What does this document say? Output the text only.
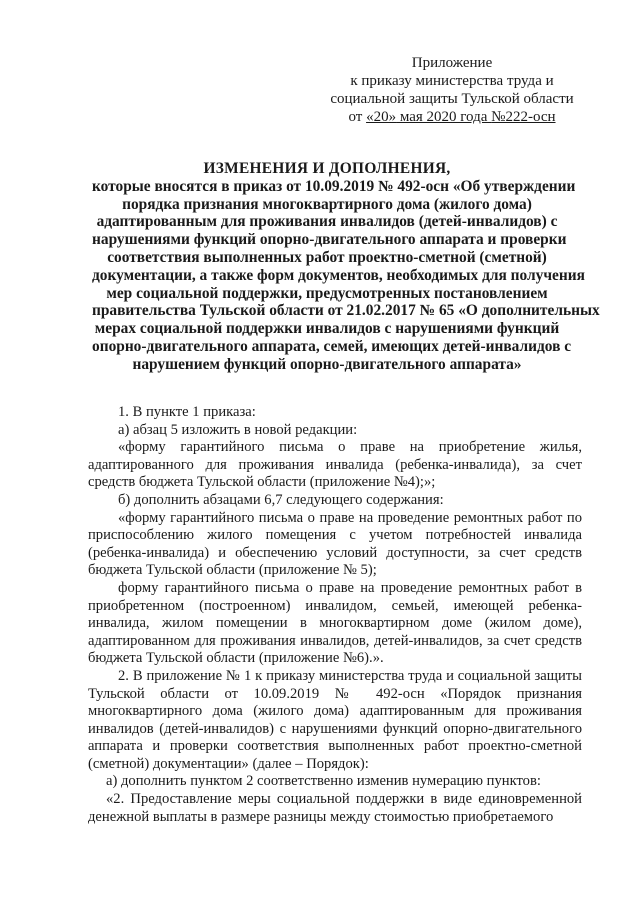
Приложение
к приказу министерства труда и
социальной защиты Тульской области
от «20» мая 2020 года №222-осн
ИЗМЕНЕНИЯ И ДОПОЛНЕНИЯ,
которые вносятся в приказ от 10.09.2019 № 492-осн «Об утверждении
порядка признания многоквартирного дома (жилого дома)
адаптированным для проживания инвалидов (детей-инвалидов) с
нарушениями функций опорно-двигательного аппарата и проверки
соответствия выполненных работ проектно-сметной (сметной)
документации, а также форм документов, необходимых для получения
мер социальной поддержки, предусмотренных постановлением
правительства Тульской области от 21.02.2017 № 65 «О дополнительных
мерах социальной поддержки инвалидов с нарушениями функций
опорно-двигательного аппарата, семей, имеющих детей-инвалидов с
нарушением функций опорно-двигательного аппарата»

1. В пункте 1 приказа:

а) абзац 5 изложить в новой редакции:

«форму гарантийного письма о праве на приобретение жилья, адаптированного для проживания инвалида (ребенка-инвалида), за счет средств бюджета Тульской области (приложение №4);»;

б) дополнить абзацами 6,7 следующего содержания:

«форму гарантийного письма о праве на проведение ремонтных работ по приспособлению жилого помещения с учетом потребностей инвалида (ребенка-инвалида) и обеспечению условий доступности, за счет средств бюджета Тульской области (приложение № 5);

форму гарантийного письма о праве на проведение ремонтных работ в приобретенном (построенном) инвалидом, семьей, имеющей ребенка-инвалида, жилом помещении в многоквартирном доме (жилом доме), адаптированном для проживания инвалидов, детей-инвалидов, за счет средств бюджета Тульской области (приложение №6).».

2. В приложение № 1 к приказу министерства труда и социальной защиты Тульской области от 10.09.2019 № 492-осн «Порядок признания многоквартирного дома (жилого дома) адаптированным для проживания инвалидов (детей-инвалидов) с нарушениями функций опорно-двигательного аппарата и проверки соответствия выполненных работ проектно-сметной (сметной) документации» (далее – Порядок):

а) дополнить пунктом 2 соответственно изменив нумерацию пунктов:

«2. Предоставление меры социальной поддержки в виде единовременной денежной выплаты в размере разницы между стоимостью приобретаемого
